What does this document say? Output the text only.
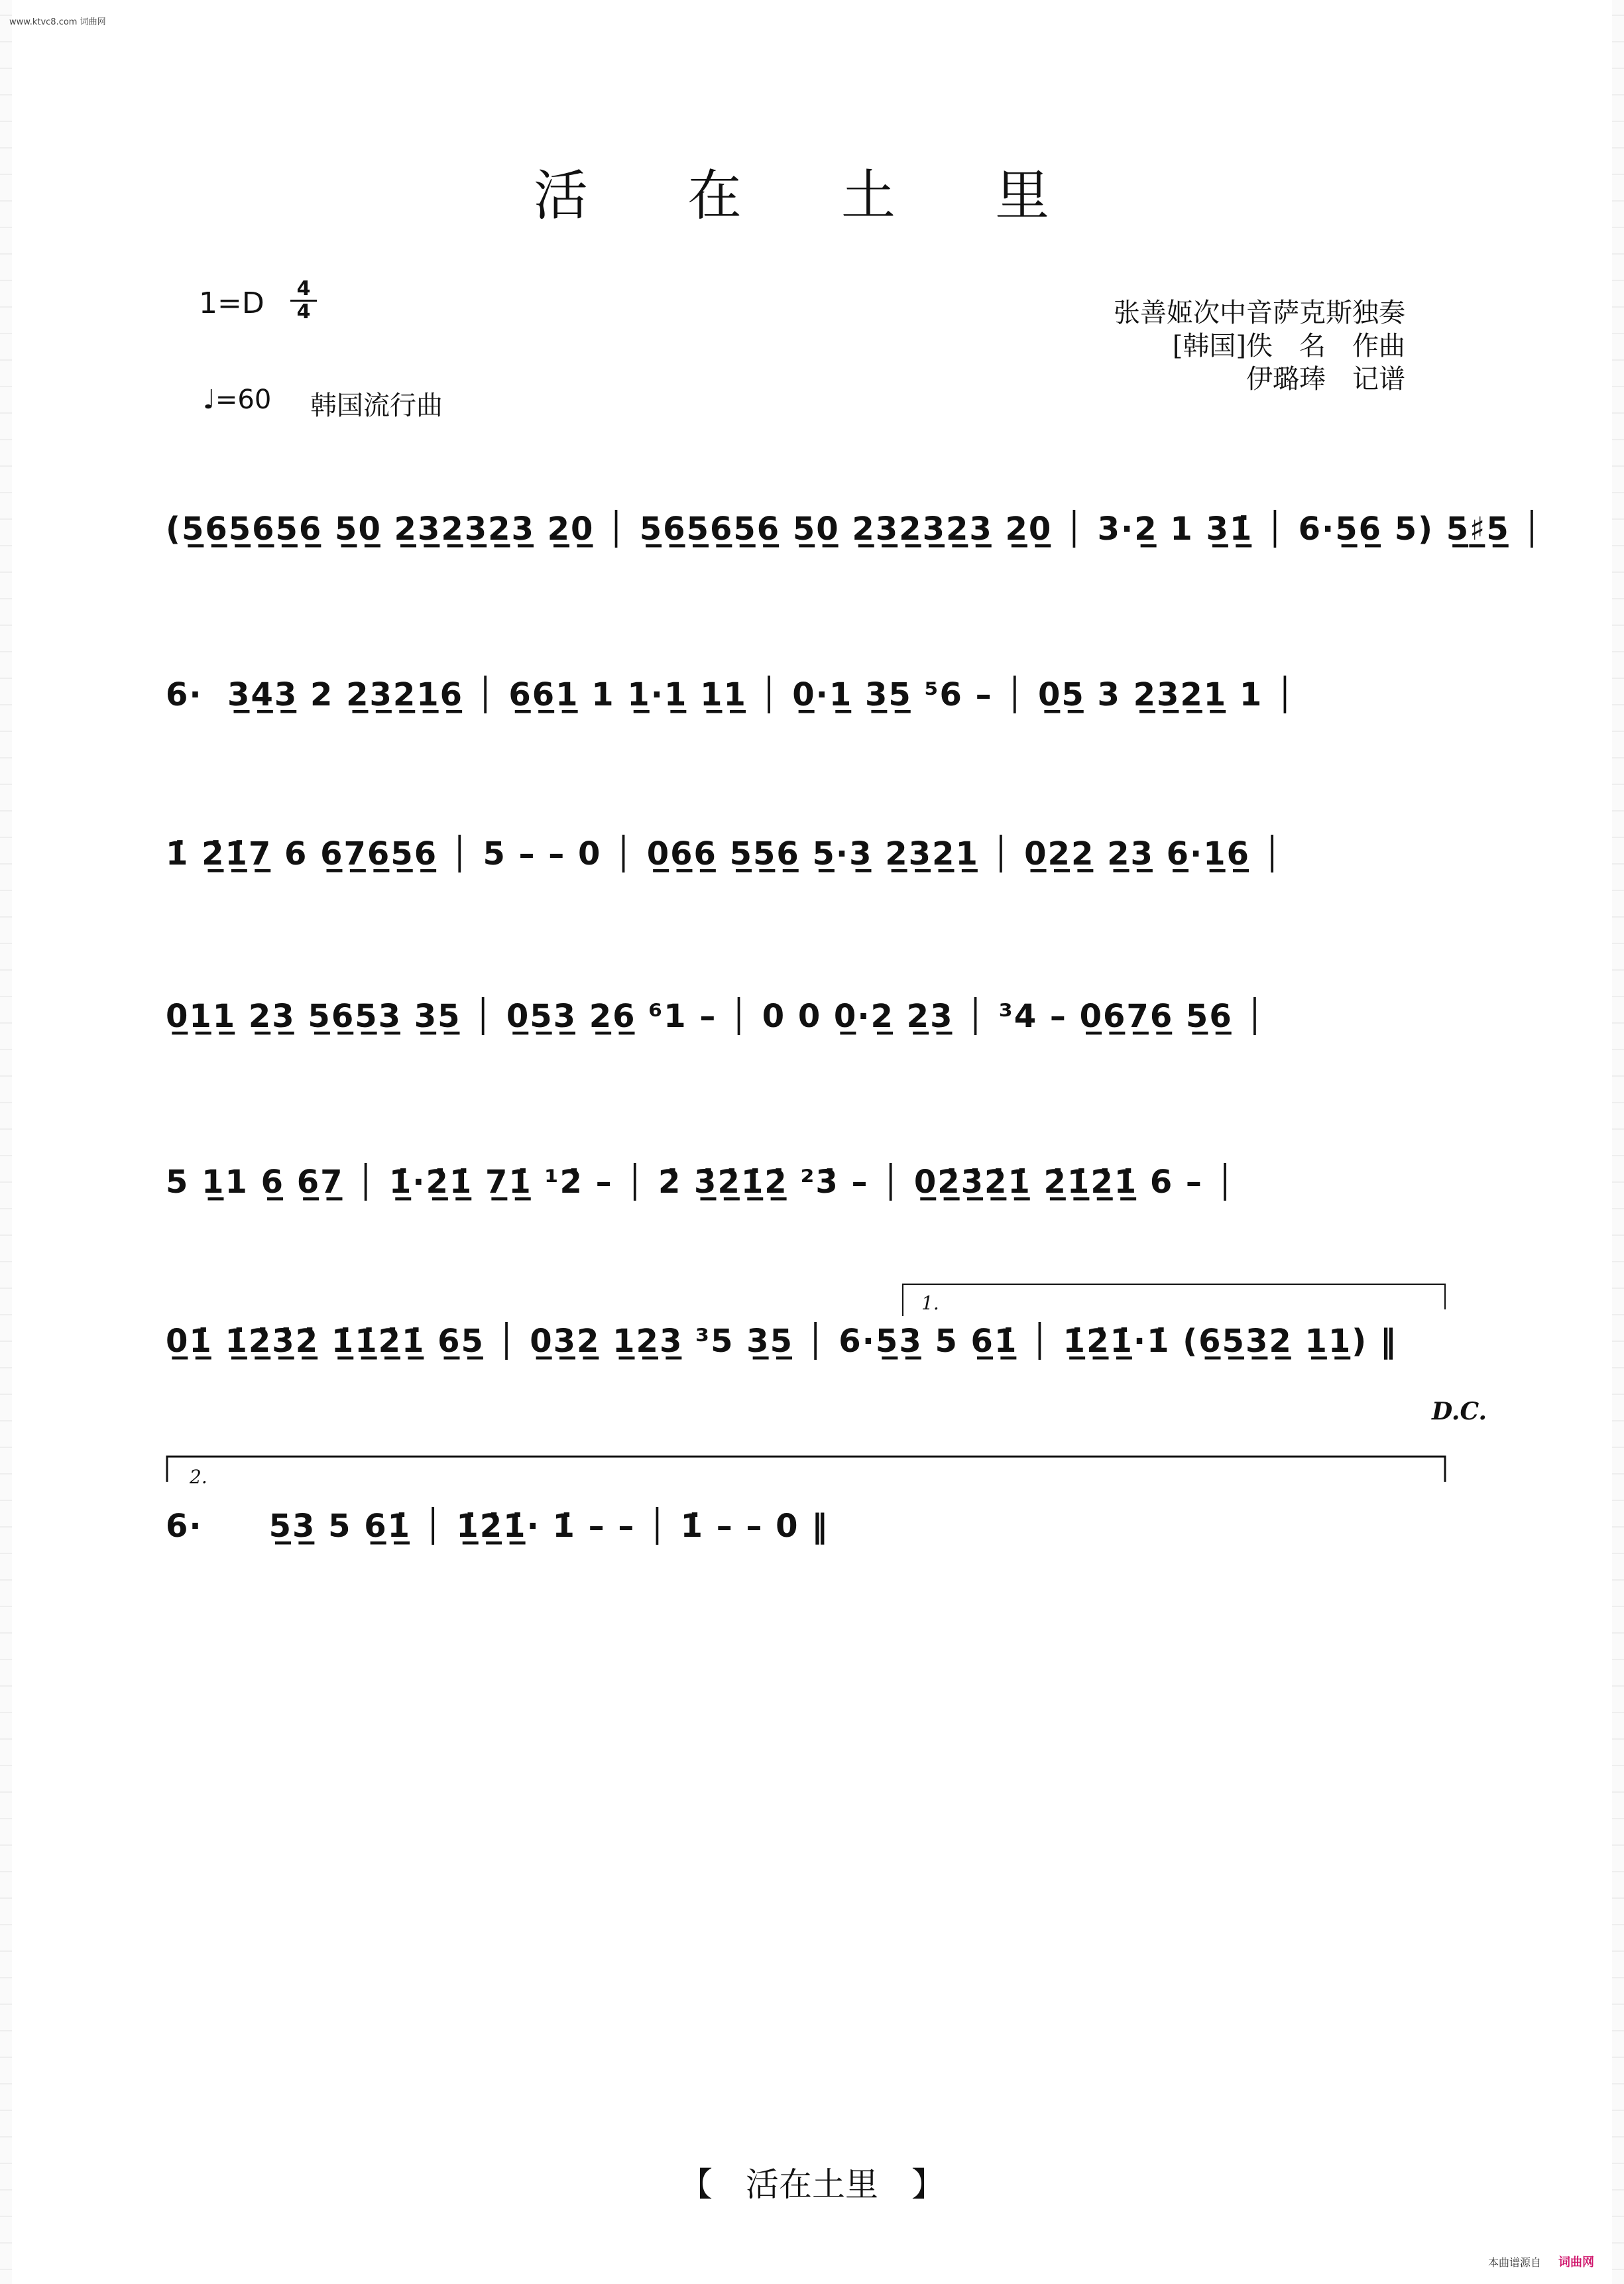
www.ktvc8.com 词曲网
活 在 土 里
1=D	4
4
♩=60 韩国流行曲
张善姬次中音萨克斯独奏
[韩国]佚　名　作曲
伊璐琫　记谱
(5̲6̲5̲6̲5̲6̲ 5̲0̲ 2̲3̲2̲3̲2̲3̲ 2̲0̲ │ 5̲6̲5̲6̲5̲6̲ 5̲0̲ 2̲3̲2̲3̲2̲3̲ 2̲0̲ │ 3·2̲ 1 3̲1̲̇ │ 6·5̲6̲ 5) 5̲♯̲5̲ │
6·  3̲4̲3̲ 2 2̲3̲2̲1̲6̲ │ 6̲6̲1̲ 1 1̲·1̲ 1̲1̲ │ 0̲·1̲ 3̲5̲ ⁵6 – │ 0̲5̲ 3 2̲3̲2̲1̲ 1 │
1̇ 2̲̇1̲̇7̲ 6 6̲7̲6̲5̲6̲ │ 5 – – 0 │ 0̲6̲6̲ 5̲5̲6̲ 5̲·3̲ 2̲3̲2̲1̲ │ 0̲2̲2̲ 2̲3̲ 6̲·1̲6̲ │
0̲1̲1̲ 2̲3̲ 5̲6̲5̲3̲ 3̲5̲ │ 0̲5̲3̲ 2̲6̲ ⁶1 – │ 0 0 0̲·2̲ 2̲3̲ │ ³4 – 0̲6̲7̲6̲ 5̲6̲ │
5 1̲1 6̲ 6̲7̲ │ 1̲̇·2̲̇1̲̇ 7̲1̲̇ ¹2̇ – │ 2̇ 3̲̇2̲̇1̲̇2̲̇ ²3̇ – │ 0̲2̲̇3̲̇2̲̇1̲̇ 2̲̇1̲̇2̲̇1̲̇ 6 – │
1.
0̲1̲̇ 1̲̇2̲̇3̲̇2̲̇ 1̲̇1̲̇2̲̇1̲̇ 6̲5̲ │ 0̲3̲2̲ 1̲2̲3̲ ³5 3̲5̲ │ 6·5̲3̲ 5 6̲1̲̇ │ 1̲̇2̲̇1̲̇·1̇ (6̲5̲3̲2̲ 1̲1̲) ‖
D.C.
2.
6·　　5̲3̲ 5 6̲1̲̇ │ 1̲̇2̲̇1̲̇· 1̇ – – │ 1̇ – – 0 ‖
【　活在土里　】
本曲谱源自 词曲网
